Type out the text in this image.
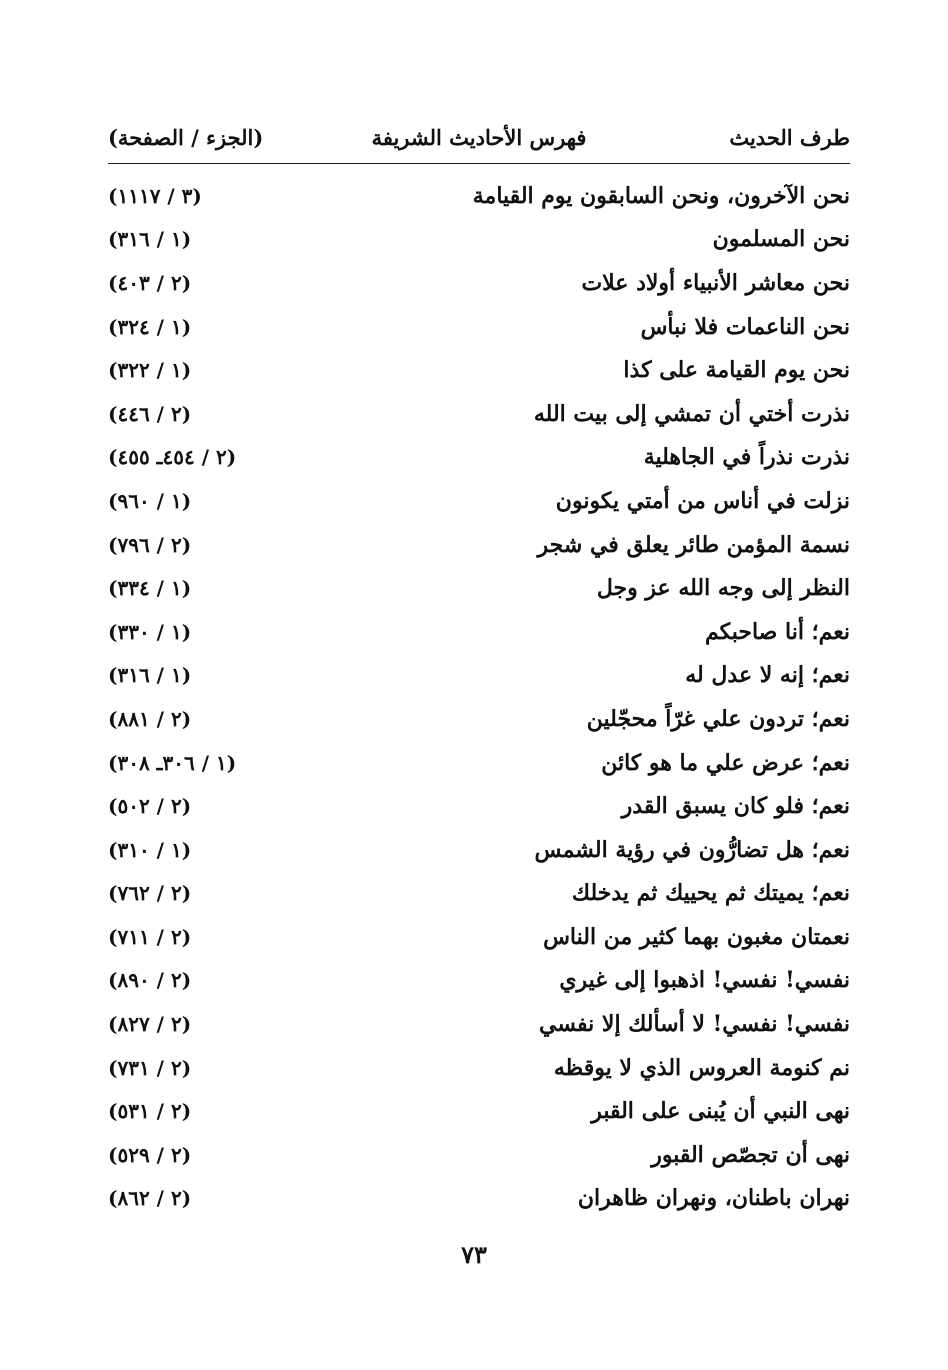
طرف الحديث
فهرس الأحاديث الشريفة
(الجزء / الصفحة)
نحن الآخرون، ونحن السابقون يوم القيامة
(٣ / ١١١٧)
نحن المسلمون
(١ / ٣١٦)
نحن معاشر الأنبياء أولاد علات
(٢ / ٤٠٣)
نحن الناعمات فلا نبأس
(١ / ٣٢٤)
نحن يوم القيامة على كذا
(١ / ٣٢٢)
نذرت أختي أن تمشي إلى بيت الله
(٢ / ٤٤٦)
نذرت نذراً في الجاهلية
(٢ / ٤٥٤ـ ٤٥٥)
نزلت في أناس من أمتي يكونون
(١ / ٩٦٠)
نسمة المؤمن طائر يعلق في شجر
(٢ / ٧٩٦)
النظر إلى وجه الله عز وجل
(١ / ٣٣٤)
نعم؛ أنا صاحبكم
(١ / ٣٣٠)
نعم؛ إنه لا عدل له
(١ / ٣١٦)
نعم؛ تردون علي غرّاً محجّلين
(٢ / ٨٨١)
نعم؛ عرض علي ما هو كائن
(١ / ٣٠٦ـ ٣٠٨)
نعم؛ فلو كان يسبق القدر
(٢ / ٥٠٢)
نعم؛ هل تضارُّون في رؤية الشمس
(١ / ٣١٠)
نعم؛ يميتك ثم يحييك ثم يدخلك
(٢ / ٧٦٢)
نعمتان مغبون بهما كثير من الناس
(٢ / ٧١١)
نفسي! نفسي! اذهبوا إلى غيري
(٢ / ٨٩٠)
نفسي! نفسي! لا أسألك إلا نفسي
(٢ / ٨٢٧)
نم كنومة العروس الذي لا يوقظه
(٢ / ٧٣١)
نهى النبي أن يُبنى على القبر
(٢ / ٥٣١)
نهى أن تجصّص القبور
(٢ / ٥٢٩)
نهران باطنان، ونهران ظاهران
(٢ / ٨٦٢)
٧٣
